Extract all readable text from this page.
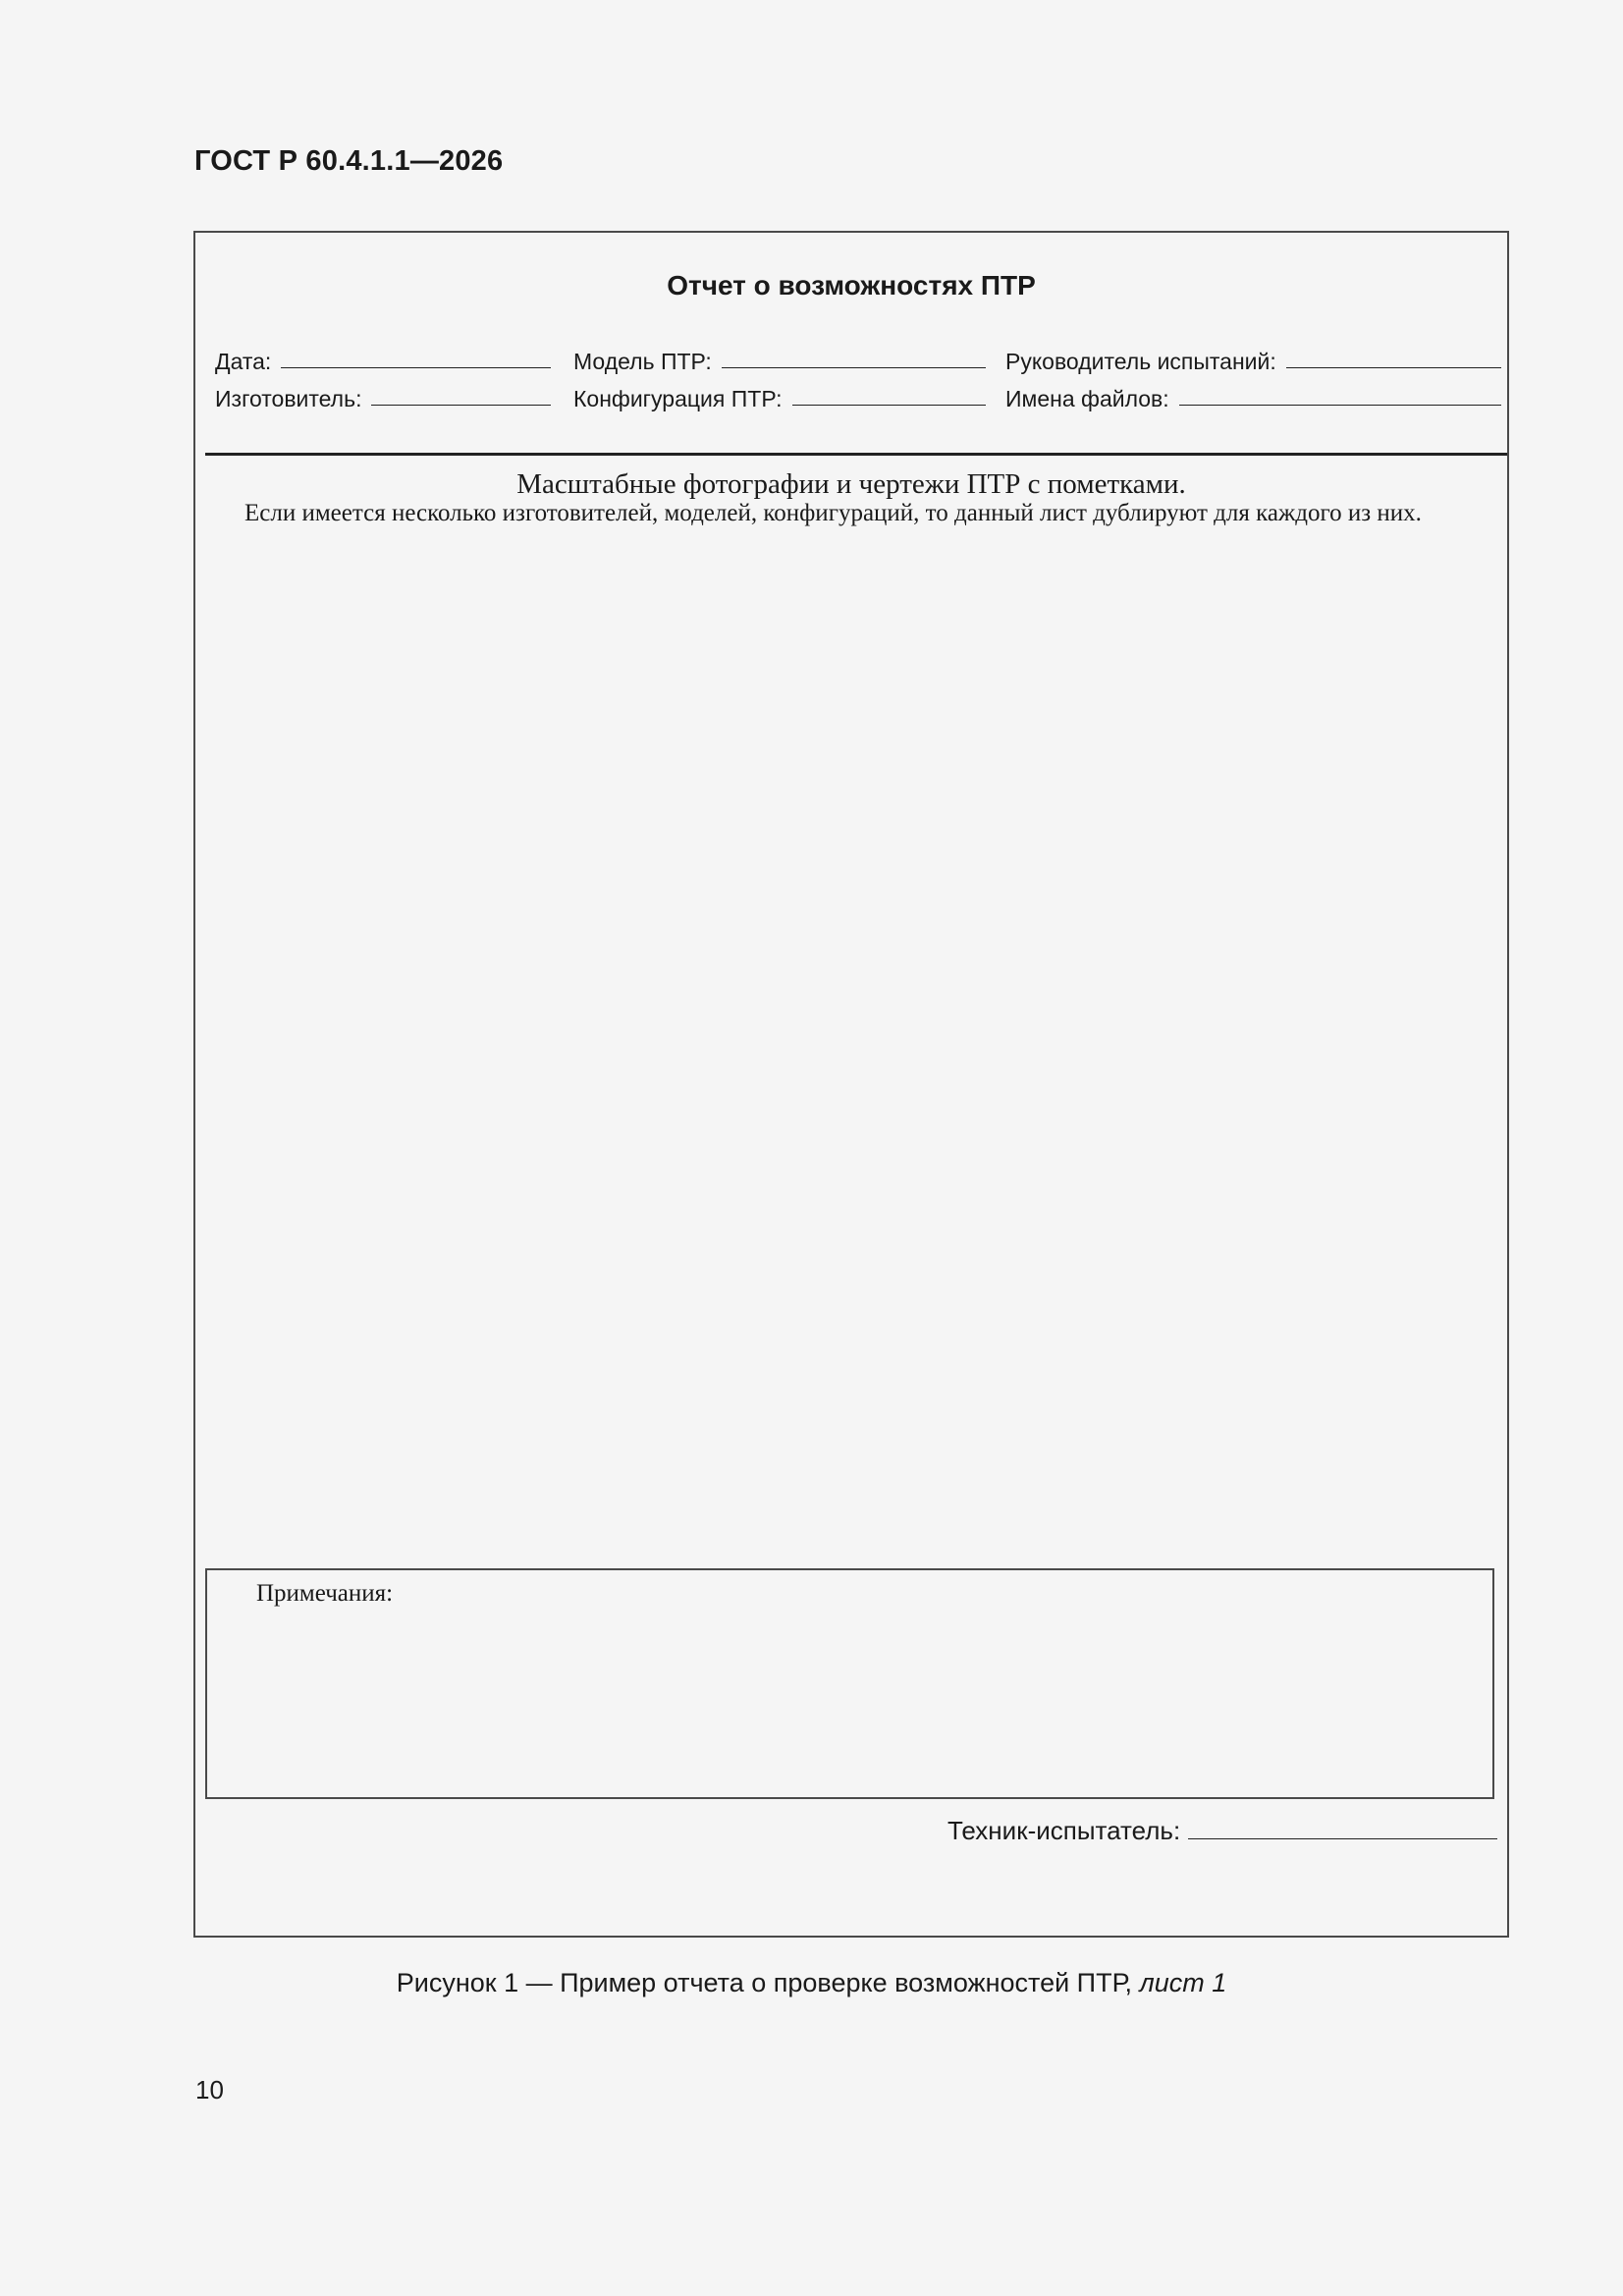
ГОСТ Р 60.4.1.1—2026
Отчет о возможностях ПТР
Дата:	Модель ПТР:	Руководитель испытаний:
Изготовитель:	Конфигурация ПТР:	Имена файлов:
Масштабные фотографии и чертежи ПТР с пометками.
Если имеется несколько изготовителей, моделей, конфигураций, то данный лист дублируют для каждого из них.
Примечания:
Техник-испытатель:
Рисунок 1 — Пример отчета о проверке возможностей ПТР, лист 1
10
